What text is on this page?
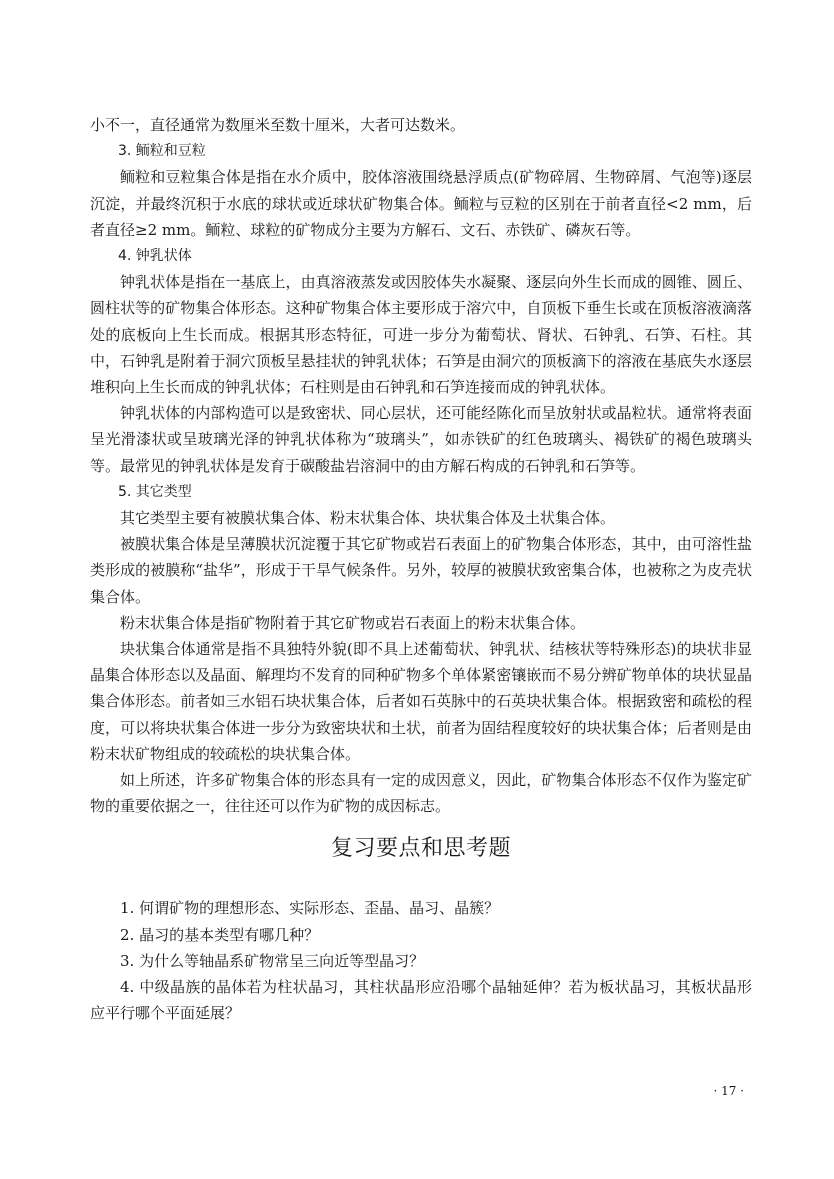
小不一，直径通常为数厘米至数十厘米，大者可达数米。

3. 鲕粒和豆粒

鲕粒和豆粒集合体是指在水介质中，胶体溶液围绕悬浮质点(矿物碎屑、生物碎屑、气泡等)逐层沉淀，并最终沉积于水底的球状或近球状矿物集合体。鲕粒与豆粒的区别在于前者直径<2 mm，后者直径≥2 mm。鲕粒、球粒的矿物成分主要为方解石、文石、赤铁矿、磷灰石等。

4. 钟乳状体

钟乳状体是指在一基底上，由真溶液蒸发或因胶体失水凝聚、逐层向外生长而成的圆锥、圆丘、圆柱状等的矿物集合体形态。这种矿物集合体主要形成于溶穴中，自顶板下垂生长或在顶板溶液滴落处的底板向上生长而成。根据其形态特征，可进一步分为葡萄状、肾状、石钟乳、石笋、石柱。其中，石钟乳是附着于洞穴顶板呈悬挂状的钟乳状体；石笋是由洞穴的顶板滴下的溶液在基底失水逐层堆积向上生长而成的钟乳状体；石柱则是由石钟乳和石笋连接而成的钟乳状体。

钟乳状体的内部构造可以是致密状、同心层状，还可能经陈化而呈放射状或晶粒状。通常将表面呈光滑漆状或呈玻璃光泽的钟乳状体称为“玻璃头”，如赤铁矿的红色玻璃头、褐铁矿的褐色玻璃头等。最常见的钟乳状体是发育于碳酸盐岩溶洞中的由方解石构成的石钟乳和石笋等。

5. 其它类型

其它类型主要有被膜状集合体、粉末状集合体、块状集合体及土状集合体。

被膜状集合体是呈薄膜状沉淀覆于其它矿物或岩石表面上的矿物集合体形态，其中，由可溶性盐类形成的被膜称“盐华”，形成于干旱气候条件。另外，较厚的被膜状致密集合体，也被称之为皮壳状集合体。

粉末状集合体是指矿物附着于其它矿物或岩石表面上的粉末状集合体。

块状集合体通常是指不具独特外貌(即不具上述葡萄状、钟乳状、结核状等特殊形态)的块状非显晶集合体形态以及晶面、解理均不发育的同种矿物多个单体紧密镶嵌而不易分辨矿物单体的块状显晶集合体形态。前者如三水铝石块状集合体，后者如石英脉中的石英块状集合体。根据致密和疏松的程度，可以将块状集合体进一步分为致密块状和土状，前者为固结程度较好的块状集合体；后者则是由粉末状矿物组成的较疏松的块状集合体。

如上所述，许多矿物集合体的形态具有一定的成因意义，因此，矿物集合体形态不仅作为鉴定矿物的重要依据之一，往往还可以作为矿物的成因标志。

复习要点和思考题
1. 何谓矿物的理想形态、实际形态、歪晶、晶习、晶簇？
2. 晶习的基本类型有哪几种？
3. 为什么等轴晶系矿物常呈三向近等型晶习？
4. 中级晶族的晶体若为柱状晶习，其柱状晶形应沿哪个晶轴延伸？若为板状晶习，其板状晶形应平行哪个平面延展？
· 17 ·
